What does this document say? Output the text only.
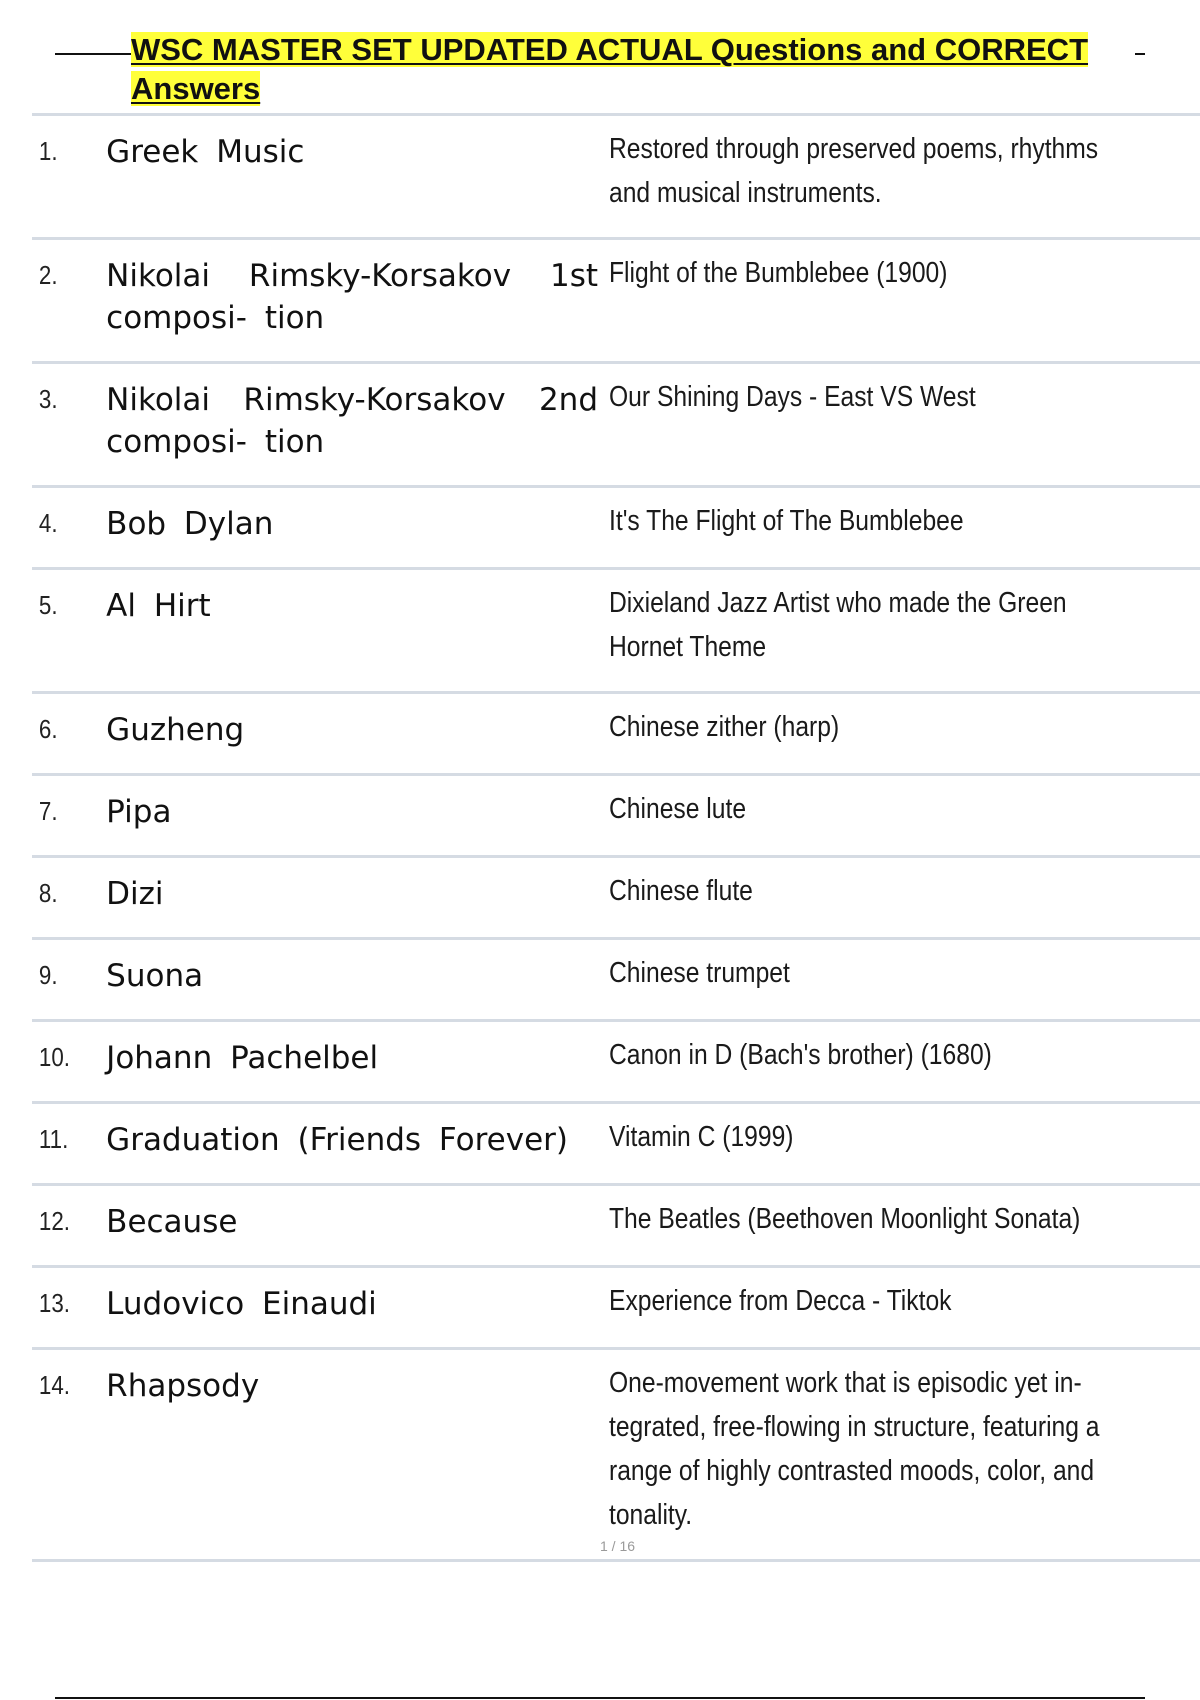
WSC MASTER SET UPDATED ACTUAL Questions and CORRECT Answers
1.	Greek Music	Restored through preserved poems, rhythms and musical instruments.

2.	Nikolai Rimsky-Korsakov 1st composi- tion	Flight of the Bumblebee (1900)

3.	Nikolai Rimsky-Korsakov 2nd composi- tion	Our Shining Days - East VS West

4.	Bob Dylan	It's The Flight of The Bumblebee

5.	Al Hirt	Dixieland Jazz Artist who made the Green Hornet Theme

6.	Guzheng	Chinese zither (harp)

7.	Pipa	Chinese lute

8.	Dizi	Chinese flute

9.	Suona	Chinese trumpet

10.	Johann Pachelbel	Canon in D (Bach's brother) (1680)

11.	Graduation (Friends Forever)	Vitamin C (1999)

12.	Because	The Beatles (Beethoven Moonlight Sonata)

13.	Ludovico Einaudi	Experience from Decca - Tiktok

14.	Rhapsody	One-movement work that is episodic yet in- tegrated, free-flowing in structure, featuring a range of highly contrasted moods, color, and tonality.
1 / 16
